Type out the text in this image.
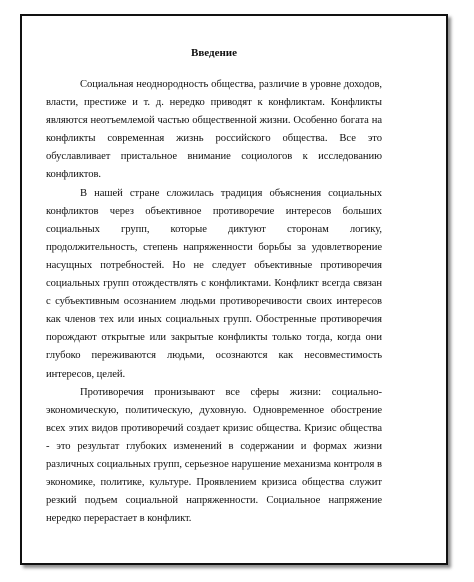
Введение

Социальная неоднородность общества, различие в уровне доходов, власти, престиже и т. д. нередко приводят к конфликтам. Конфликты являются неотъемлемой частью общественной жизни. Особенно богата на конфликты современная жизнь российского общества. Все это обуславливает пристальное внимание социологов к исследованию конфликтов.

В нашей стране сложилась традиция объяснения социальных конфликтов через объективное противоречие интересов больших социальных групп, которые диктуют сторонам логику, продолжительность, степень напряженности борьбы за удовлетворение насущных потребностей. Но не следует объективные противоречия социальных групп отождествлять с конфликтами. Конфликт всегда связан с субъективным осознанием людьми противоречивости своих интересов как членов тех или иных социальных групп. Обостренные противоречия порождают открытые или закрытые конфликты только тогда, когда они глубоко переживаются людьми, осознаются как несовместимость интересов, целей.

Противоречия пронизывают все сферы жизни: социально-экономическую, политическую, духовную. Одновременное обострение всех этих видов противоречий создает кризис общества. Кризис общества - это результат глубоких изменений в содержании и формах жизни различных социальных групп, серьезное нарушение механизма контроля в экономике, политике, культуре. Проявлением кризиса общества служит резкий подъем социальной напряженности. Социальное напряжение нередко перерастает в конфликт.
